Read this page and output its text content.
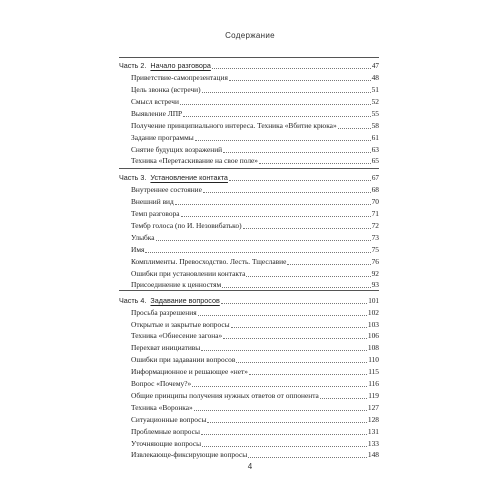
Содержание
Часть 2. Начало разговора	47
Приветствие-самопрезентация	48
Цель звонка (встречи)	51
Смысл встречи	52
Выявление ЛПР	55
Получение принципиального интереса. Техника «Вбитие крюка»	58
Задание программы	61
Снятие будущих возражений	63
Техника «Перетаскивание на свое поле»	65
Часть 3. Установление контакта	67
Внутреннее состояние	68
Внешний вид	70
Темп разговора	71
Тембр голоса (по И. Незовибатько)	72
Улыбка	73
Имя	75
Комплименты. Превосходство. Лесть. Тщеславие	76
Ошибки при установлении контакта	92
Присоединение к ценностям	93
Часть 4. Задавание вопросов	101
Просьба разрешения	102
Открытые и закрытые вопросы	103
Техника «Обнесение загона»	106
Перехват инициативы	108
Ошибки при задавании вопросов	110
Информационное и решающее «нет»	115
Вопрос «Почему?»	116
Общие принципы получения нужных ответов от оппонента	119
Техника «Воронка»	127
Ситуационные вопросы	128
Проблемные вопросы	131
Уточняющие вопросы	133
Извлекающе-фиксирующие вопросы	148
4
